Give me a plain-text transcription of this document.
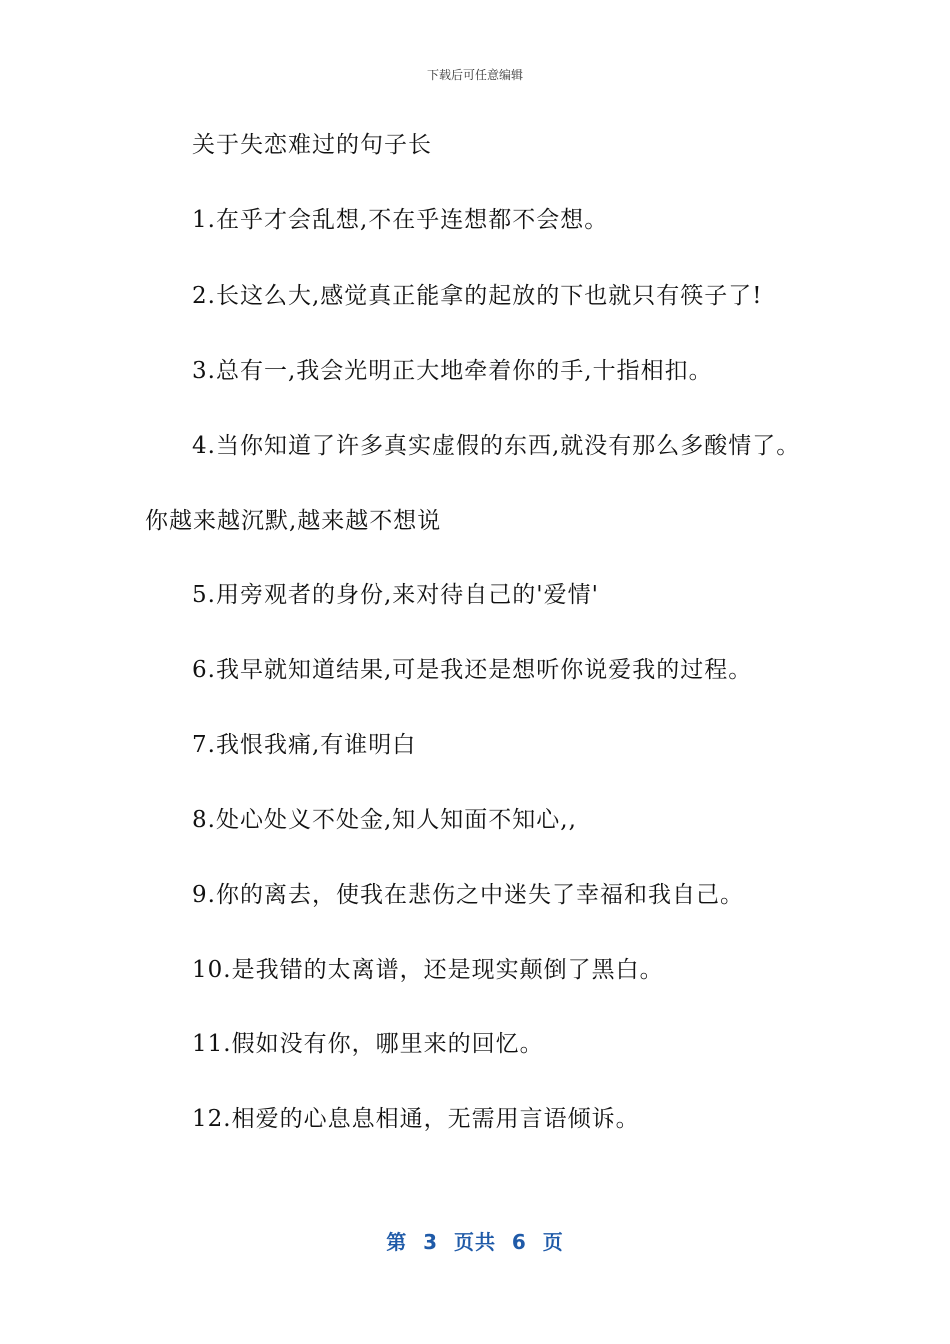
下载后可任意编辑
关于失恋难过的句子长
1.在乎才会乱想,不在乎连想都不会想。
2.长这么大,感觉真正能拿的起放的下也就只有筷子了!
3.总有一,我会光明正大地牵着你的手,十指相扣。
4.当你知道了许多真实虚假的东西,就没有那么多酸情了。
你越来越沉默,越来越不想说
5.用旁观者的身份,来对待自己的'爱情'
6.我早就知道结果,可是我还是想听你说爱我的过程。
7.我恨我痛,有谁明白
8.处心处义不处金,知人知面不知心,,
9.你的离去，使我在悲伤之中迷失了幸福和我自己。
10.是我错的太离谱，还是现实颠倒了黑白。
11.假如没有你，哪里来的回忆。
12.相爱的心息息相通，无需用言语倾诉。
第  3  页共  6  页
